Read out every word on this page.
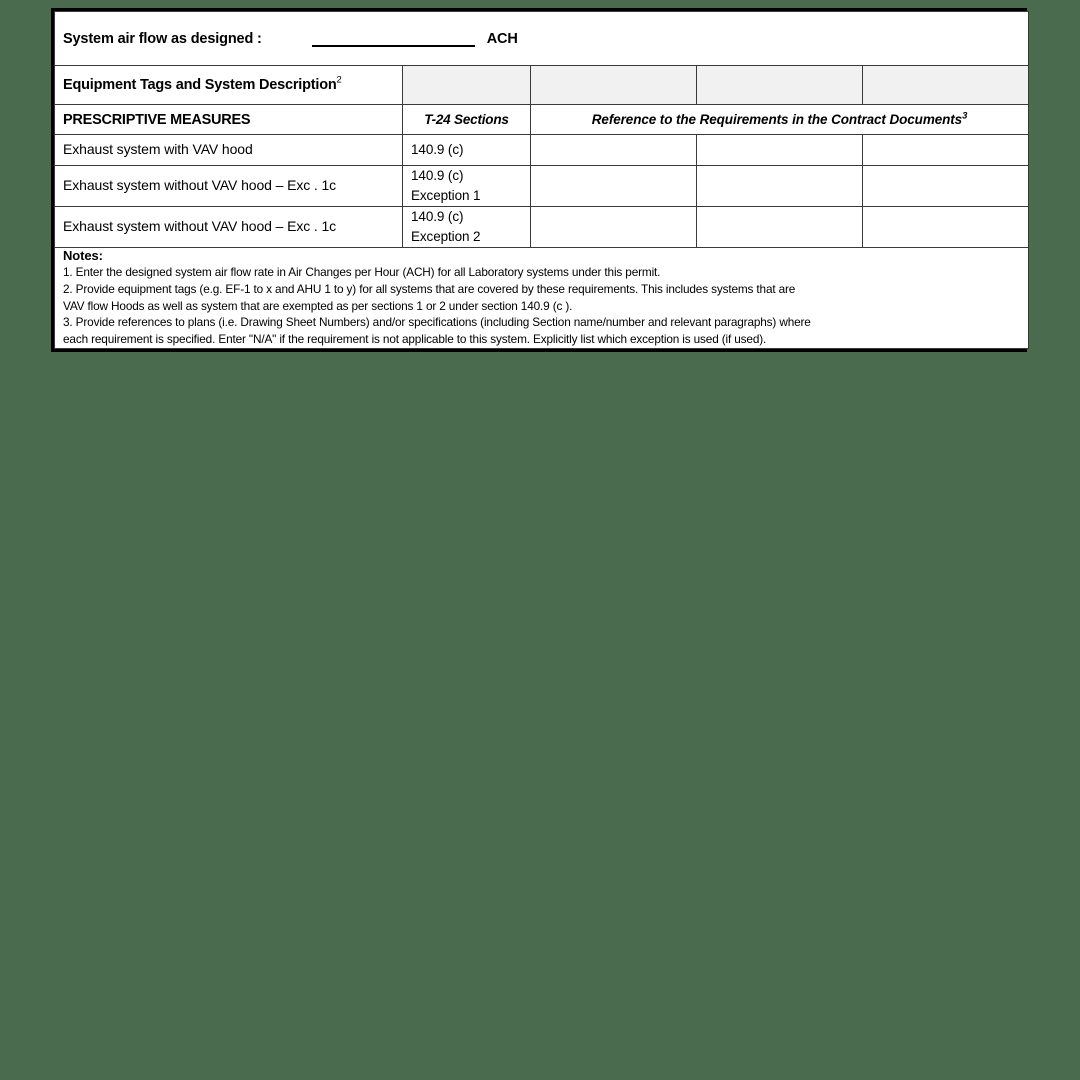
System air flow as designed : ACH				

Equipment Tags and System Description$^2$				
PRESCRIPTIVE MEASURES	T-24 Sections	Reference to the Requirements in the Contract Documents$^3$

Exhaust system with VAV hood	140.9 (c)			

Exhaust system without VAV hood – Exc . 1c	140.9 (c)
Exception 1			

Exhaust system without VAV hood – Exc . 1c	140.9 (c)
Exception 2			

Notes:
1. Enter the designed system air flow rate in Air Changes per Hour (ACH) for all Laboratory systems under this permit.
2. Provide equipment tags (e.g. EF-1 to x and AHU 1 to y) for all systems that are covered by these requirements. This includes systems that are
VAV flow Hoods as well as system that are exempted as per sections 1 or 2 under section 140.9 (c ).
3. Provide references to plans (i.e. Drawing Sheet Numbers) and/or specifications (including Section name/number and relevant paragraphs) where
each requirement is specified. Enter "N/A" if the requirement is not applicable to this system. Explicitly list which exception is used (if used).
